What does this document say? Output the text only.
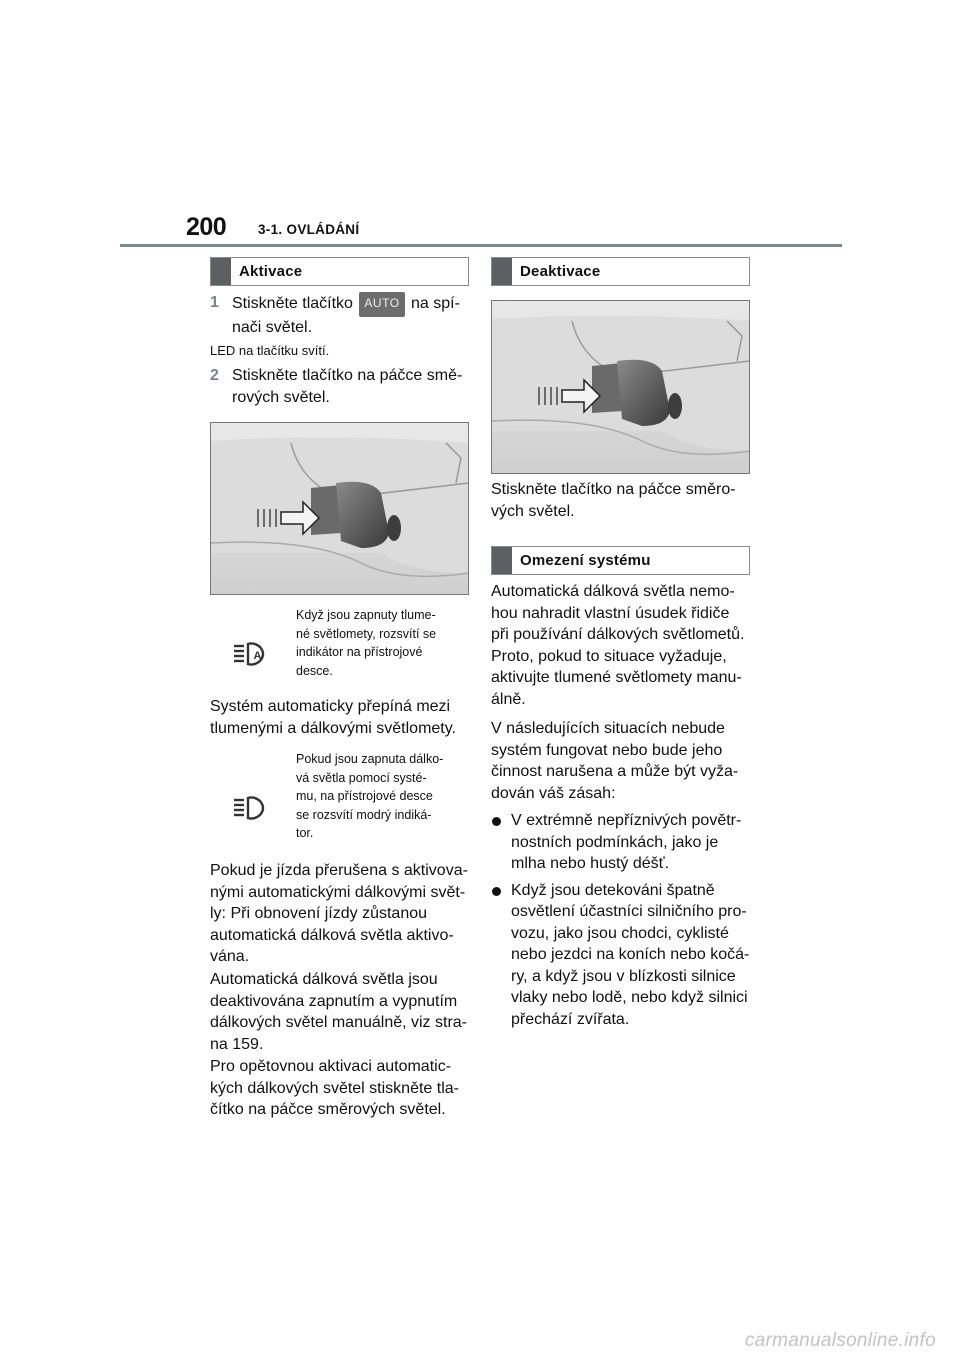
200 3-1. OVLÁDÁNÍ
Aktivace
1 Stiskněte tlačítko AUTO na spí-
nači světel.
LED na tlačítku svítí.
2 Stiskněte tlačítko na páčce smě-
rových světel.
A
Když jsou zapnuty tlume-
né světlomety, rozsvítí se
indikátor na přístrojové
desce.
Systém automaticky přepíná mezi
tlumenými a dálkovými světlomety.
Pokud jsou zapnuta dálko-
vá světla pomocí systé-
mu, na přístrojové desce
se rozsvítí modrý indiká-
tor.
Pokud je jízda přerušena s aktivova-
nými automatickými dálkovými svět-
ly: Při obnovení jízdy zůstanou
automatická dálková světla aktivo-
vána.
Automatická dálková světla jsou
deaktivována zapnutím a vypnutím
dálkových světel manuálně, viz stra-
na 159.
Pro opětovnou aktivaci automatic-
kých dálkových světel stiskněte tla-
čítko na páčce směrových světel.
Deaktivace
Stiskněte tlačítko na páčce směro-
vých světel.
Omezení systému
Automatická dálková světla nemo-
hou nahradit vlastní úsudek řidiče
při používání dálkových světlometů.
Proto, pokud to situace vyžaduje,
aktivujte tlumené světlomety manu-
álně.
V následujících situacích nebude
systém fungovat nebo bude jeho
činnost narušena a může být vyža-
dován váš zásah:
V extrémně nepříznivých povětr-
nostních podmínkách, jako je
mlha nebo hustý déšť.
Když jsou detekováni špatně
osvětlení účastníci silničního pro-
vozu, jako jsou chodci, cyklisté
nebo jezdci na koních nebo kočá-
ry, a když jsou v blízkosti silnice
vlaky nebo lodě, nebo když silnici
přechází zvířata.
carmanualsonline.info
